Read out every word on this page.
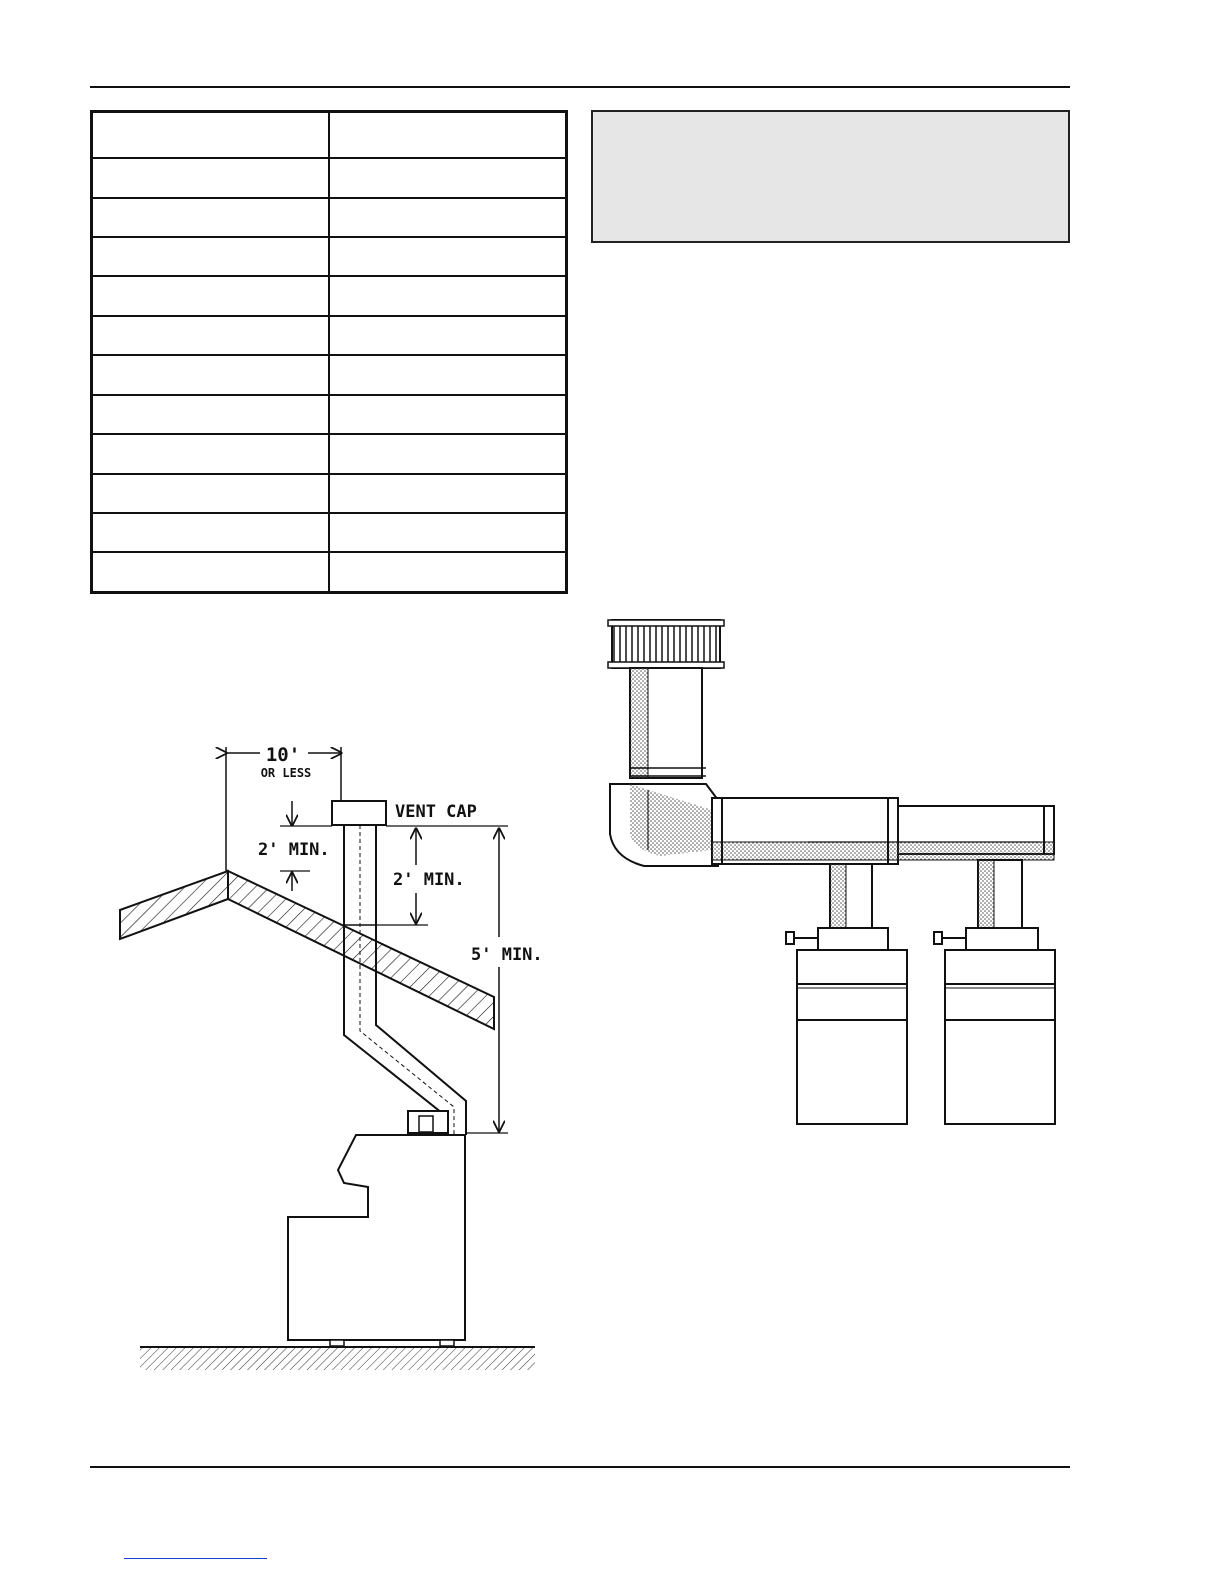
10'
OR LESS
VENT CAP
2' MIN.
2' MIN.
5' MIN.
